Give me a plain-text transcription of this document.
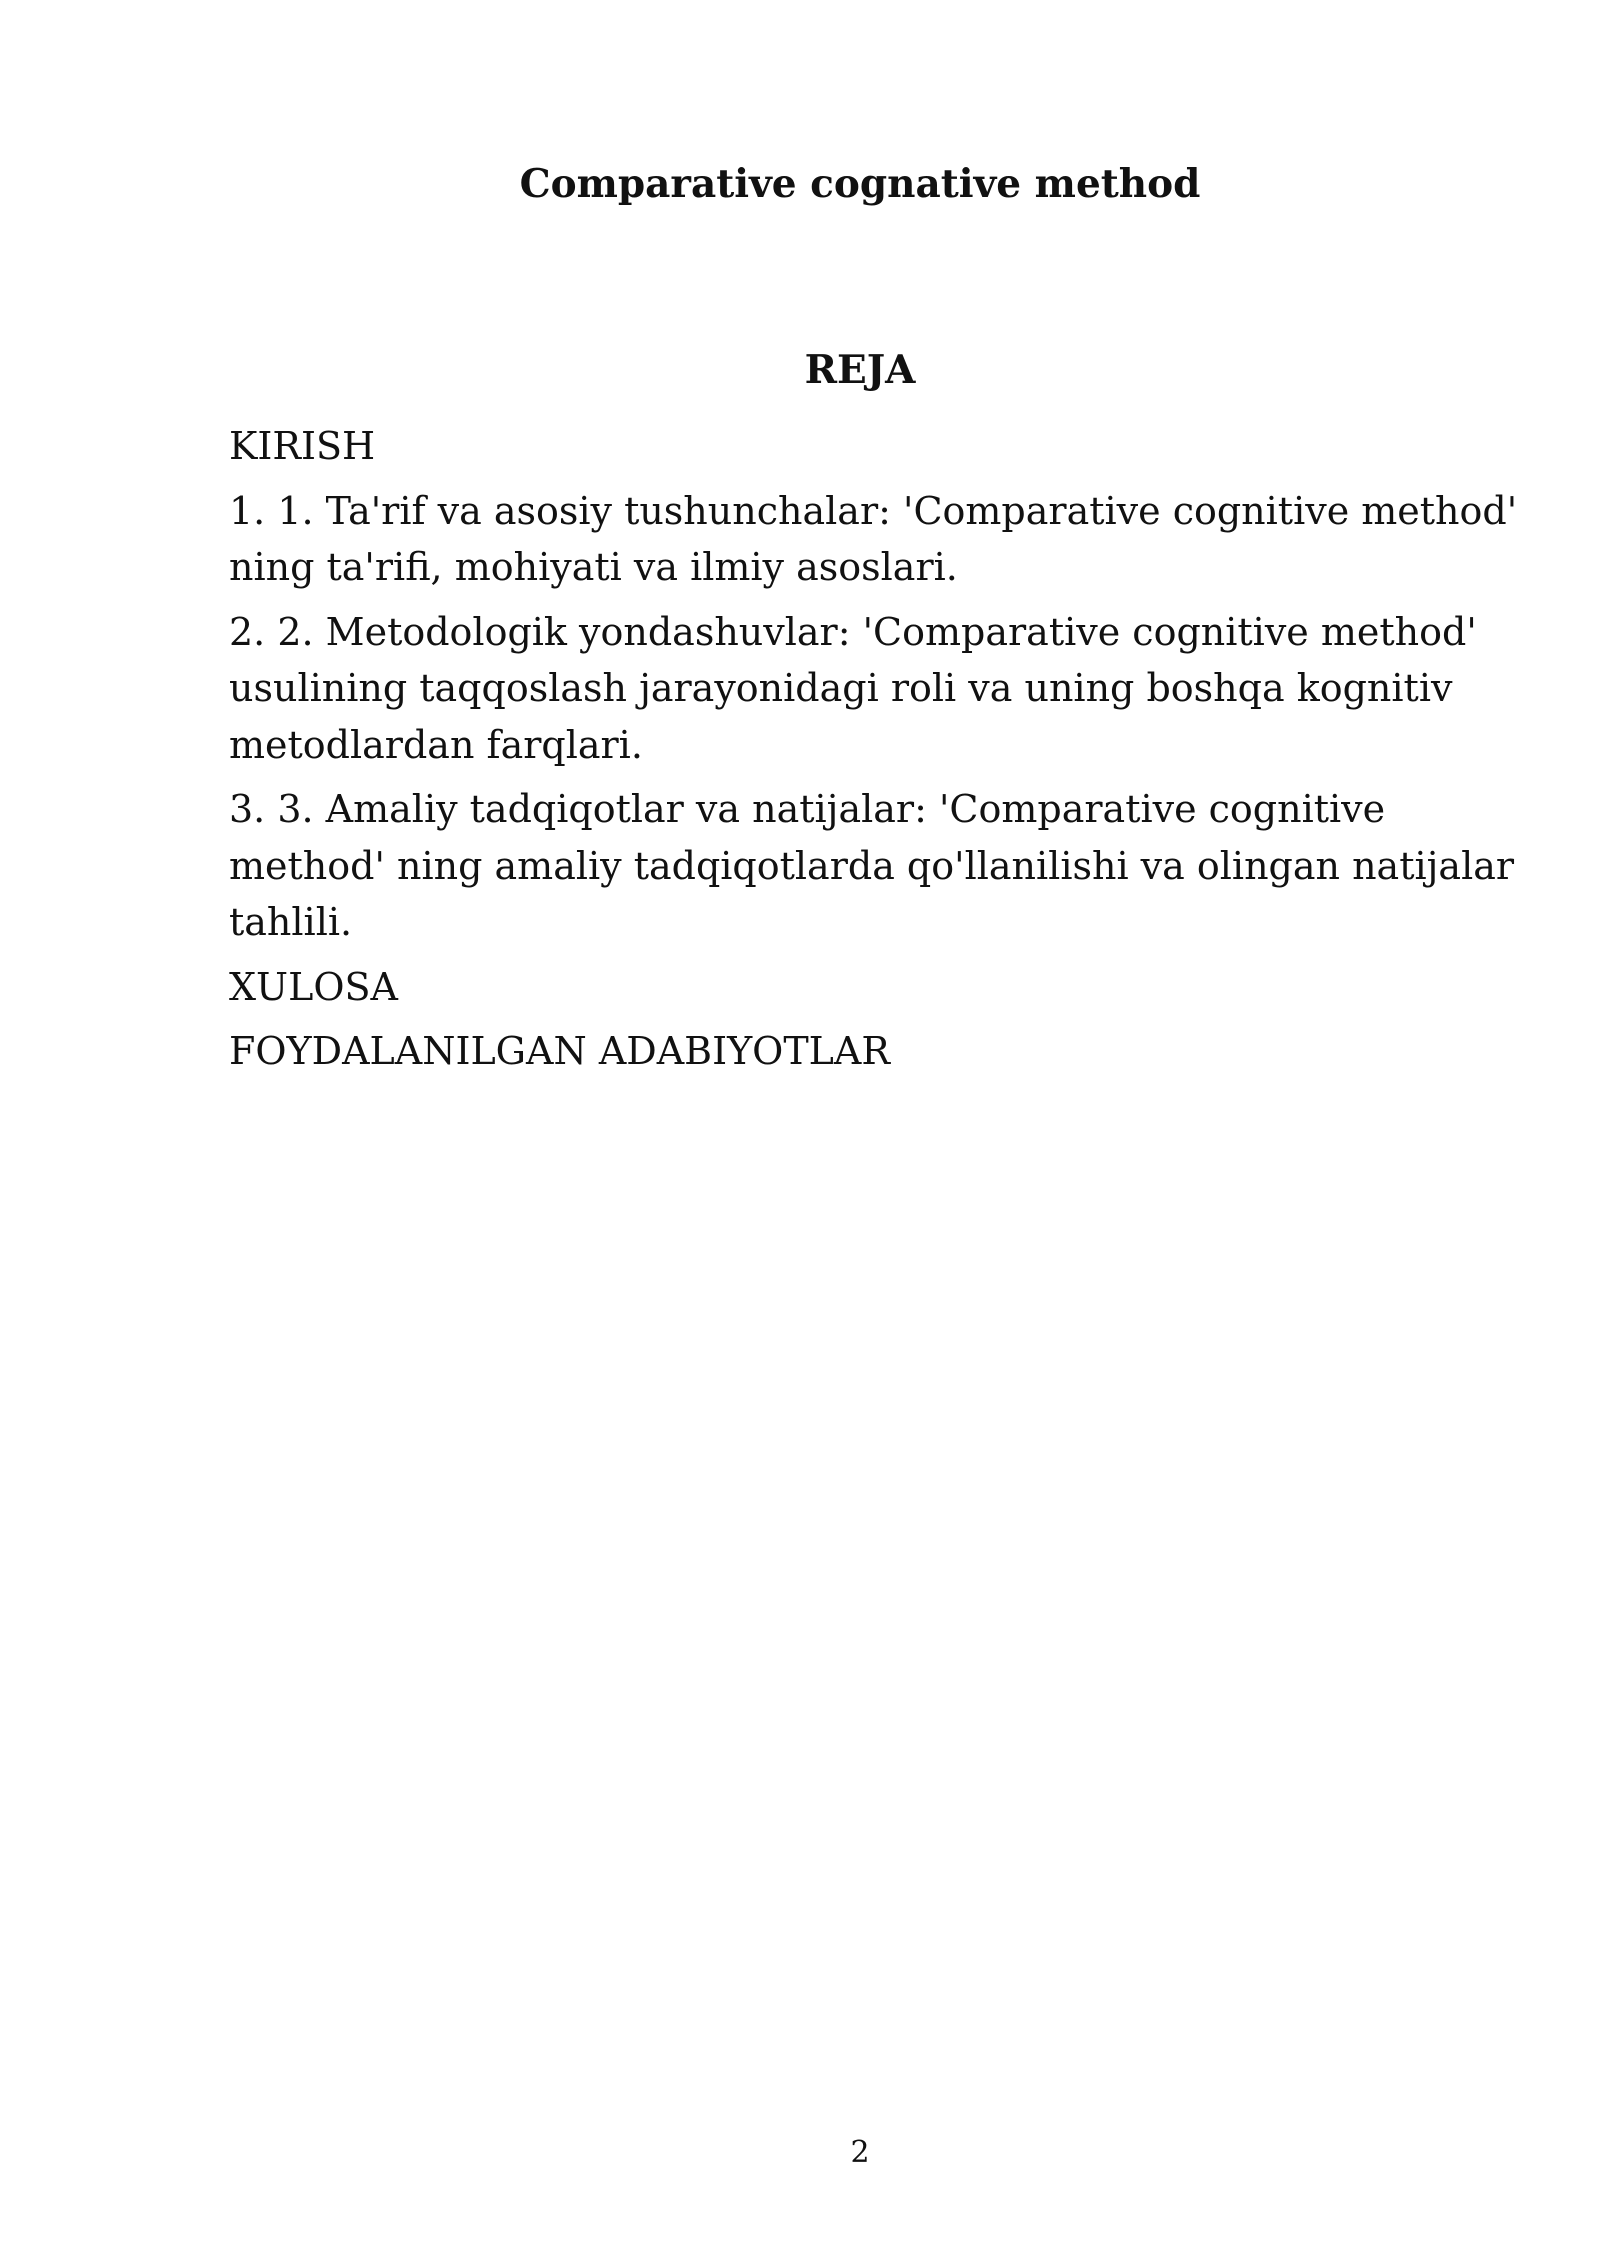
Comparative cognative method
REJA
KIRISH
1. 1. Ta'rif va asosiy tushunchalar: 'Comparative cognitive method' ning ta'rifi, mohiyati va ilmiy asoslari.
2. 2. Metodologik yondashuvlar: 'Comparative cognitive method' usulining taqqoslash jarayonidagi roli va uning boshqa kognitiv metodlardan farqlari.
3. 3. Amaliy tadqiqotlar va natijalar: 'Comparative cognitive method' ning amaliy tadqiqotlarda qo'llanilishi va olingan natijalar tahlili.
XULOSA
FOYDALANILGAN ADABIYOTLAR
2
